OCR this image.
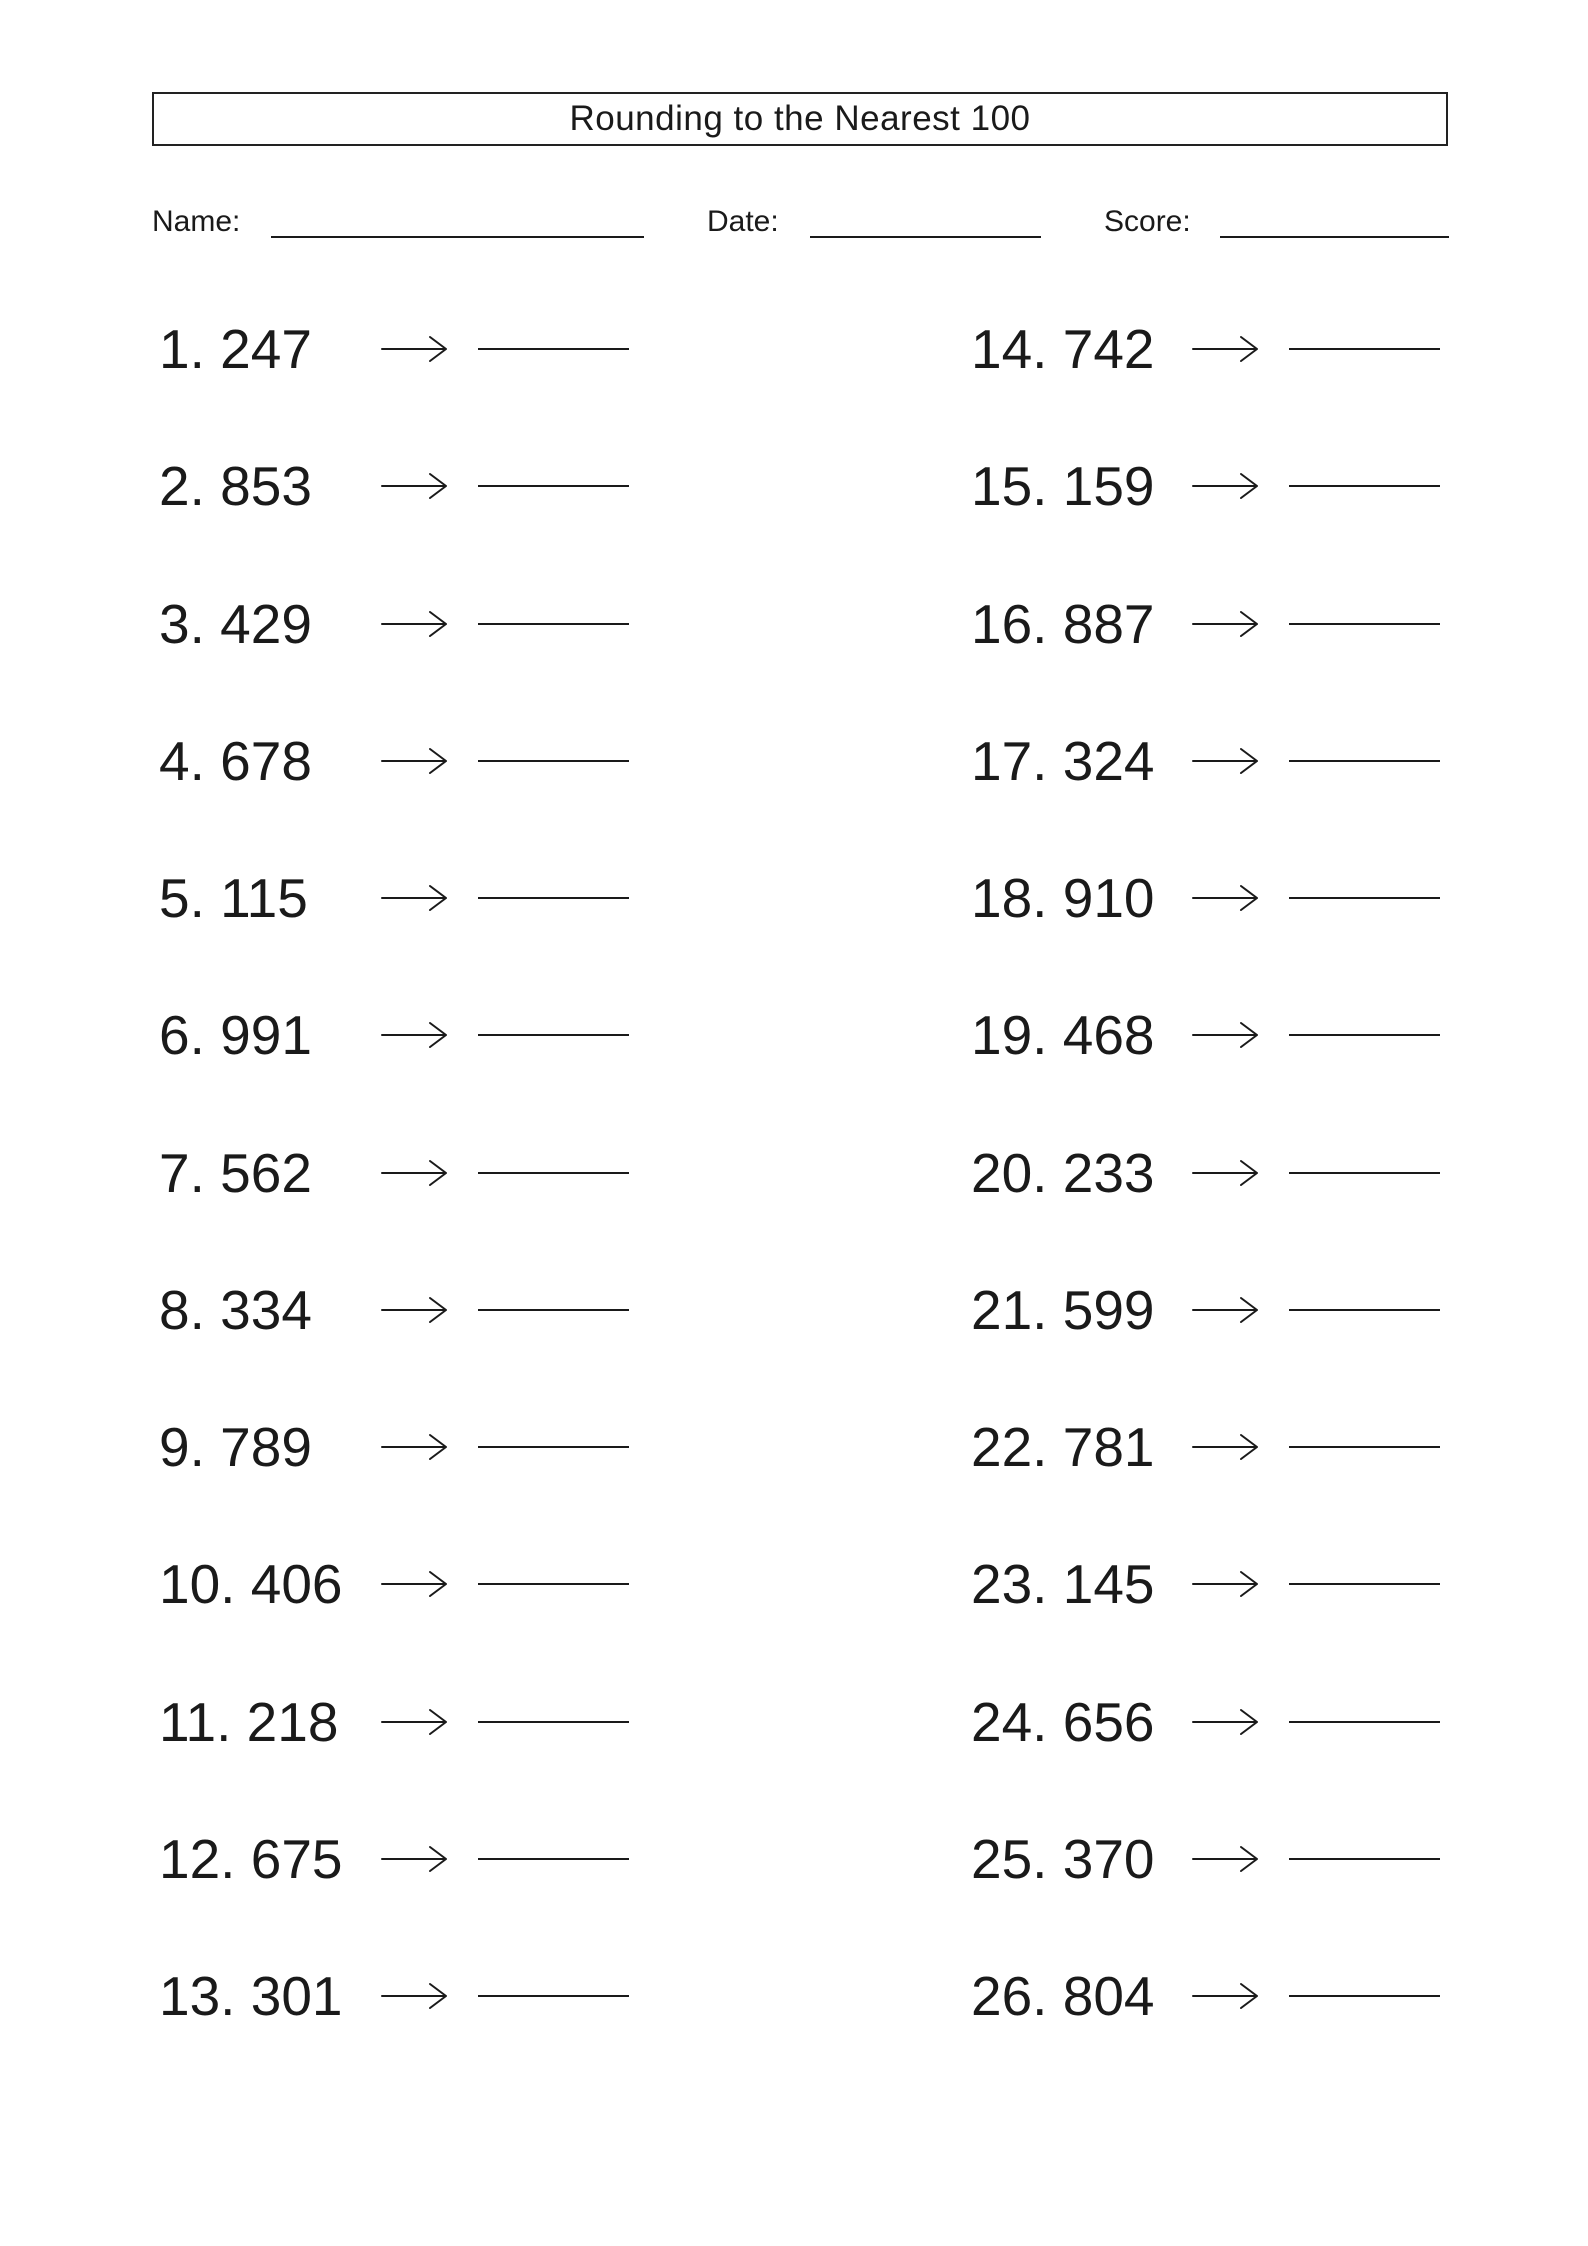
Rounding to the Nearest 100
Name:	Date:	Score:
1. 247
2. 853
3. 429
4. 678
5. 115
6. 991
7. 562
8. 334
9. 789
10. 406
11. 218
12. 675
13. 301
14. 742
15. 159
16. 887
17. 324
18. 910
19. 468
20. 233
21. 599
22. 781
23. 145
24. 656
25. 370
26. 804
